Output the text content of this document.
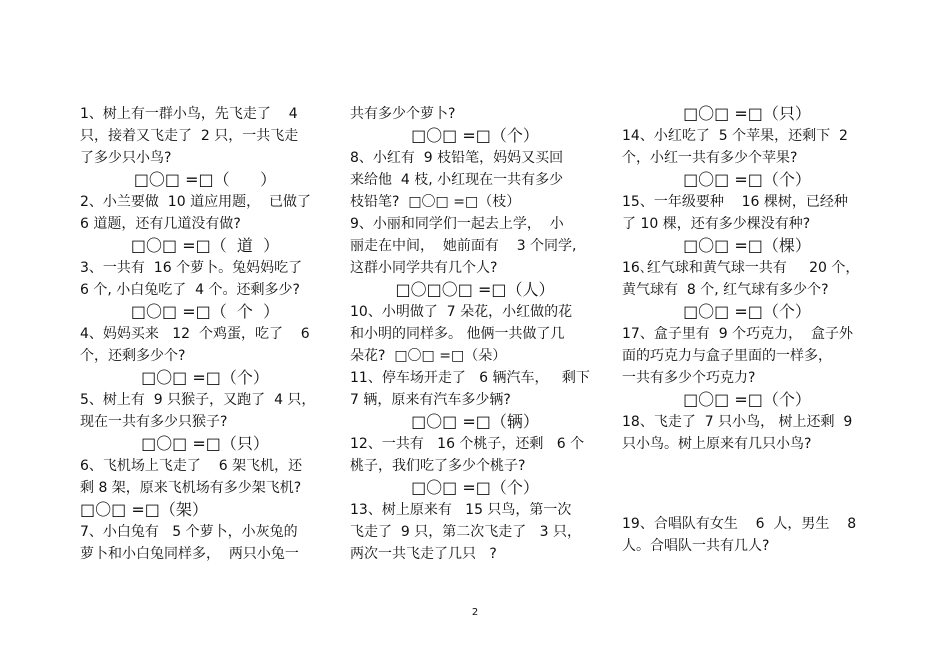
1、树上有一群小鸟，先飞走了    4
只，接着又飞走了  2 只，一共飞走
了多少只小鸟?
□〇□ =□（      ）
2、小兰要做  10 道应用题，  已做了
6 道题，还有几道没有做?
□〇□ =□（  道  ）
3、一共有  16 个萝卜。兔妈妈吃了
6 个, 小白兔吃了  4 个。还剩多少?
□〇□ =□（  个  ）
4、妈妈买来   12  个鸡蛋，吃了    6
个，还剩多少个?
□〇□ =□（个）
5、树上有  9 只猴子，又跑了  4 只，
现在一共有多少只猴子?
□〇□ =□（只）
6、飞机场上飞走了    6 架飞机，还
剩 8 架，原来飞机场有多少架飞机?
□〇□ =□（架）
7、小白兔有   5 个萝卜，小灰兔的
萝卜和小白兔同样多，  两只小兔一
共有多少个萝卜?
□〇□ =□（个）
8、小红有  9 枝铅笔，妈妈又买回
来给他  4 枝, 小红现在一共有多少
枝铅笔?  □〇□ =□（枝）
9、小丽和同学们一起去上学，  小
丽走在中间，  她前面有    3 个同学,
这群小同学共有几个人?
□〇□〇□ =□（人）
10、小明做了  7 朵花，小红做的花
和小明的同样多。 他俩一共做了几
朵花?  □〇□ =□（朵）
11、停车场开走了   6 辆汽车，   剩下
7 辆，原来有汽车多少辆?
□〇□ =□（辆）
12、一共有   16 个桃子，还剩   6 个
桃子，我们吃了多少个桃子?
□〇□ =□（个）
13、树上原来有   15 只鸟，第一次
飞走了  9 只，第二次飞走了   3 只，
两次一共飞走了几只   ?
□〇□ =□（只）
14、小红吃了  5 个苹果，还剩下  2
个，小红一共有多少个苹果?
□〇□ =□（个）
15、一年级要种    16 棵树，已经种
了 10 棵，还有多少棵没有种?
□〇□ =□（棵）
16､红气球和黄气球一共有     20 个，
黄气球有  8 个, 红气球有多少个?
□〇□ =□（个）
17、盒子里有  9 个巧克力，  盒子外
面的巧克力与盒子里面的一样多，
一共有多少个巧克力?
□〇□ =□（个）
18、飞走了  7 只小鸟， 树上还剩  9
只小鸟。树上原来有几只小鸟?
19、合唱队有女生    6  人，男生    8
人。合唱队一共有几人?
2
